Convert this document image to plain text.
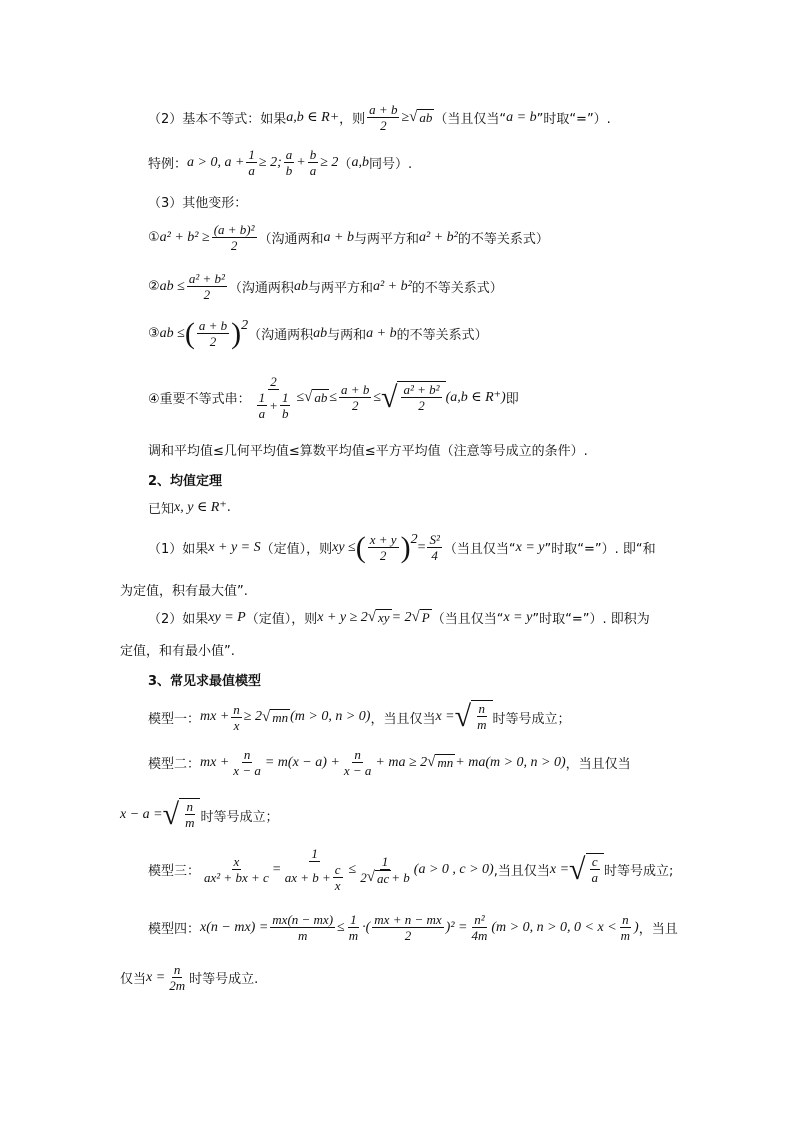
（2）基本不等式：如果 a,b ∈ R + ，则 $\frac{a + b}{2}$ ≥ √ ab （当且仅当“ a = b ”时取“=”）.
特例： a > 0, $a + \frac{1}{a} \ge 2$; $\frac{a}{b} + \frac{b}{a} \ge 2$ （ a,b 同号）.
（3）其他变形：
① $a^2 + b^2 \ge \frac{\text{(a + b)²}}{2}$ （沟通两和 a + b 与两平方和 a² + b² 的不等关系式）
② ab ≤ $\frac{\text{a² + b²}}{2}$ （沟通两积 ab 与两平方和 a² + b² 的不等关系式）
③ ab ≤ ( $\frac{a + b}{2}$ ) 2
（沟通两积 ab 与两和 a + b 的不等关系式）
④重要不等式串： $\frac{2}{\frac{1}{a} + \frac{1}{b}}$ ≤ √ ab ≤ $\frac{a + b}{2}$ ≤ √ $\frac{\text{a² + b²}}{2} (a,b$ ∈ R⁺) 即
调和平均值≤几何平均值≤算数平均值≤平方平均值（注意等号成立的条件）.
2、均值定理
已知 x, y ∈ R⁺ .
（1）如果 x + y = S （定值），则 xy ≤ ( $\frac{x + y}{2}$ ) $2 = \frac{\text{S²}}{4}$ （当且仅当“ x = y ”时取“=”）. 即“和
为定值，积有最大值”.
（2）如果 xy = P （定值），则 x + y ≥ 2 √ xy = 2 √ P （当且仅当“ x = y ”时取“=”）. 即积为
定值，和有最小值”.
3、常见求最值模型
模型一： mx + $\frac{n}{x} \ge 2$ √ mn (m > 0, n > 0) ，当且仅当 x = √ $\frac{n}{m}$ 时等号成立；
模型二： mx + $\frac{n}{x - a} = m(x - a) + \frac{n}{x - a}$ + ma ≥ 2 √ mn + ma(m > 0, n > 0) ，当且仅当
x − a = √ $\frac{n}{m}$ 时等号成立；
模型三： $\frac{x}{\text{ax² + bx + c}} = \frac{1}{ax + b + \frac{c}{x}} \le \frac{1}{2 √ ac + b} (a > 0$ , c > 0) ,当且仅当 x = √ $\frac{c}{a}$ 时等号成立;
模型四： $x(n - mx) = \frac{mx(n - mx)}{m} \le \frac{1}{m}$ ·( $\frac{mx + n - mx}{2} )^2 = \frac{\text{n²}}{4m} (m > 0$, n > 0, $0 < x < \frac{n}{m}$ ) ，当且
仅当 $x = \frac{n}{2m}$ 时等号成立.
